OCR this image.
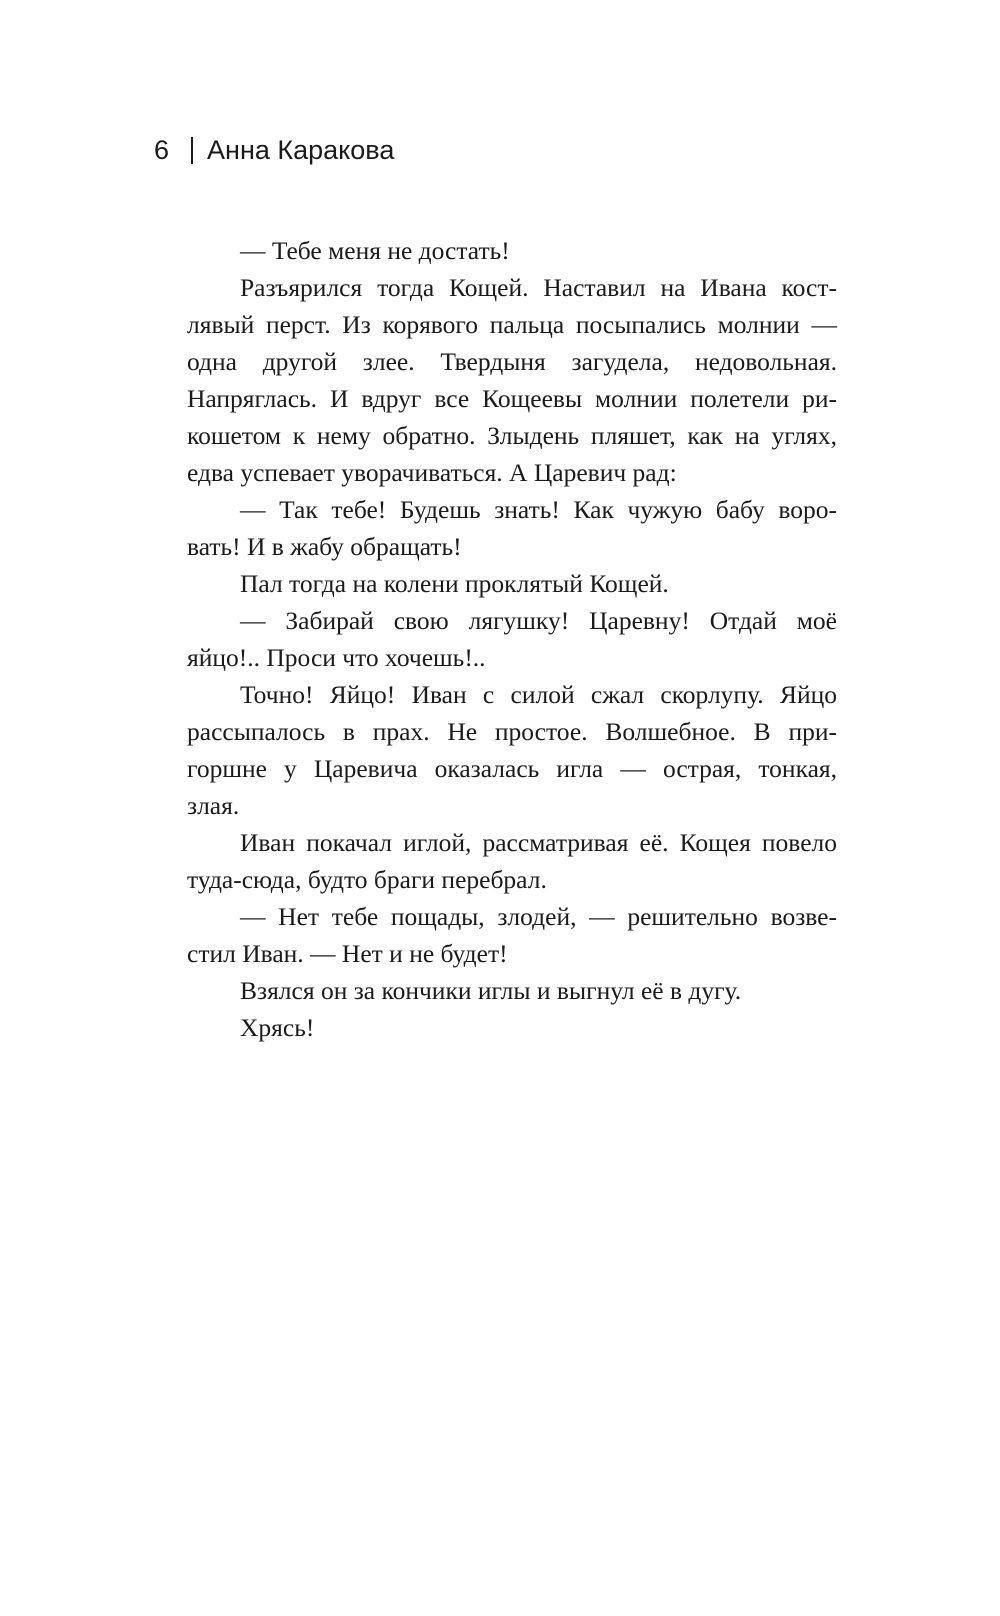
6 Анна Каракова
— Тебе меня не достать!
Разъярился тогда Кощей. Наставил на Ивана кост-
лявый перст. Из корявого пальца посыпались молнии —
одна другой злее. Твердыня загудела, недовольная.
Напряглась. И вдруг все Кощеевы молнии полетели ри-
кошетом к нему обратно. Злыдень пляшет, как на углях,
едва успевает уворачиваться. А Царевич рад:
— Так тебе! Будешь знать! Как чужую бабу воро-
вать! И в жабу обращать!
Пал тогда на колени проклятый Кощей.
— Забирай свою лягушку! Царевну! Отдай моё
яйцо!.. Проси что хочешь!..
Точно! Яйцо! Иван с силой сжал скорлупу. Яйцо
рассыпалось в прах. Не простое. Волшебное. В при-
горшне у Царевича оказалась игла — острая, тонкая,
злая.
Иван покачал иглой, рассматривая её. Кощея повело
туда-сюда, будто браги перебрал.
— Нет тебе пощады, злодей, — решительно возве-
стил Иван. — Нет и не будет!
Взялся он за кончики иглы и выгнул её в дугу.
Хрясь!
